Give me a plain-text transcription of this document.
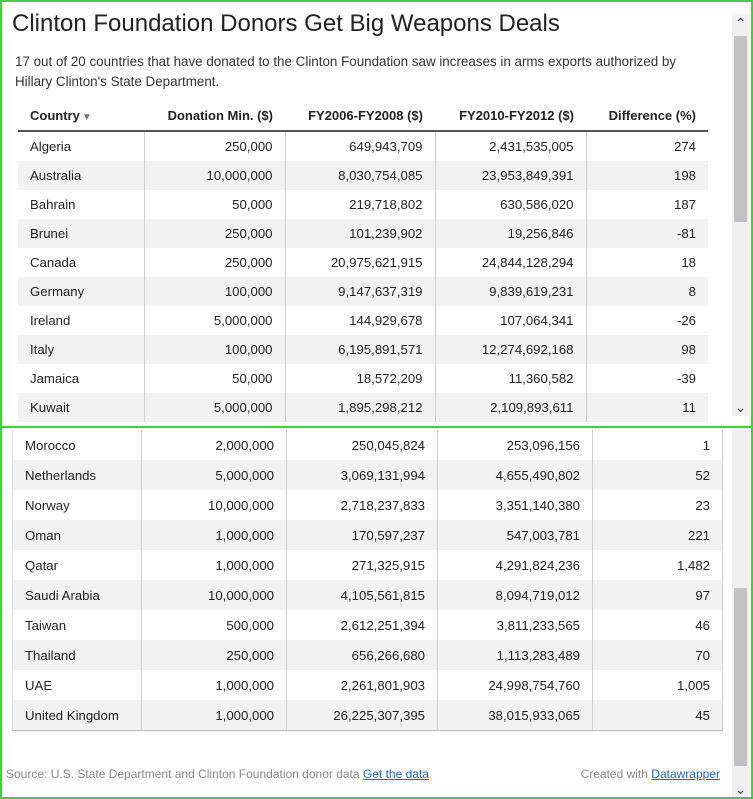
Clinton Foundation Donors Get Big Weapons Deals
17 out of 20 countries that have donated to the Clinton Foundation saw increases in arms exports authorized by Hillary Clinton's State Department.
Country ▼	Donation Min. ($)	FY2006-FY2008 ($)	FY2010-FY2012 ($)	Difference (%)
Algeria	250,000	649,943,709	2,431,535,005	274
Australia	10,000,000	8,030,754,085	23,953,849,391	198
Bahrain	50,000	219,718,802	630,586,020	187
Brunei	250,000	101,239,902	19,256,846	-81
Canada	250,000	20,975,621,915	24,844,128,294	18
Germany	100,000	9,147,637,319	9,839,619,231	8
Ireland	5,000,000	144,929,678	107,064,341	-26
Italy	100,000	6,195,891,571	12,274,692,168	98
Jamaica	50,000	18,572,209	11,360,582	-39
Kuwait	5,000,000	1,895,298,212	2,109,893,611	11
⌃
⌄
Morocco	2,000,000	250,045,824	253,096,156	1
Netherlands	5,000,000	3,069,131,994	4,655,490,802	52
Norway	10,000,000	2,718,237,833	3,351,140,380	23
Oman	1,000,000	170,597,237	547,003,781	221
Qatar	1,000,000	271,325,915	4,291,824,236	1,482
Saudi Arabia	10,000,000	4,105,561,815	8,094,719,012	97
Taiwan	500,000	2,612,251,394	3,811,233,565	46
Thailand	250,000	656,266,680	1,113,283,489	70
UAE	1,000,000	2,261,801,903	24,998,754,760	1,005
United Kingdom	1,000,000	26,225,307,395	38,015,933,065	45
Source: U.S. State Department and Clinton Foundation donor data Get the data	Created with Datawrapper
⌄
